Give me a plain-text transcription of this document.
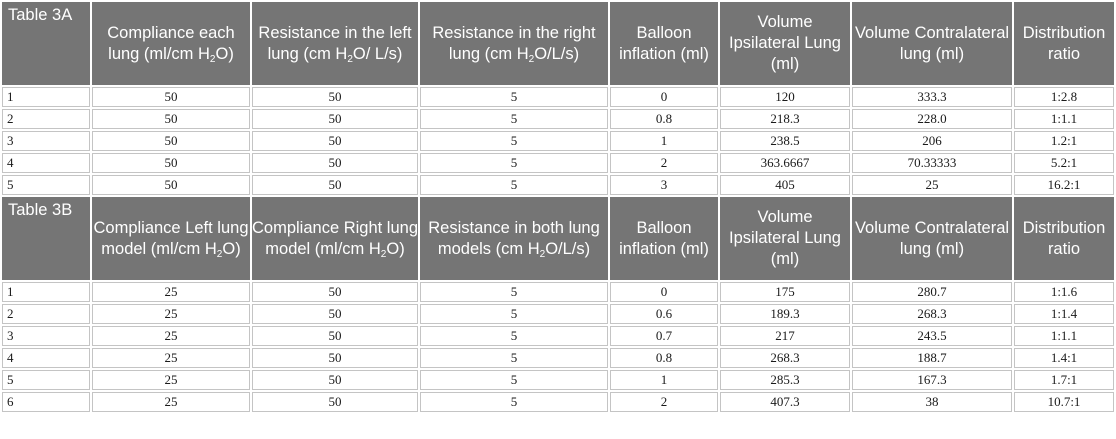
Table 3A	Compliance each lung (ml/cm $H_2O$)	Resistance in the left lung (cm $H_2O/$ L/s)	Resistance in the right lung (cm $H_2O/L/s$)	Balloon inflation (ml)	Volume Ipsilateral Lung (ml)	Volume Contralateral lung (ml)	Distribution ratio
1	50	50	5	0	120	333.3	1:2.8
2	50	50	5	0.8	218.3	228.0	1:1.1
3	50	50	5	1	238.5	206	1.2:1
4	50	50	5	2	363.6667	70.33333	5.2:1
5	50	50	5	3	405	25	16.2:1
Table 3B	Compliance Left lung model (ml/cm $H_2O$)	Compliance Right lung model (ml/cm $H_2O$)	Resistance in both lung models (cm $H_2O/L/s$)	Balloon inflation (ml)	Volume Ipsilateral Lung (ml)	Volume Contralateral lung (ml)	Distribution ratio
1	25	50	5	0	175	280.7	1:1.6
2	25	50	5	0.6	189.3	268.3	1:1.4
3	25	50	5	0.7	217	243.5	1:1.1
4	25	50	5	0.8	268.3	188.7	1.4:1
5	25	50	5	1	285.3	167.3	1.7:1
6	25	50	5	2	407.3	38	10.7:1
